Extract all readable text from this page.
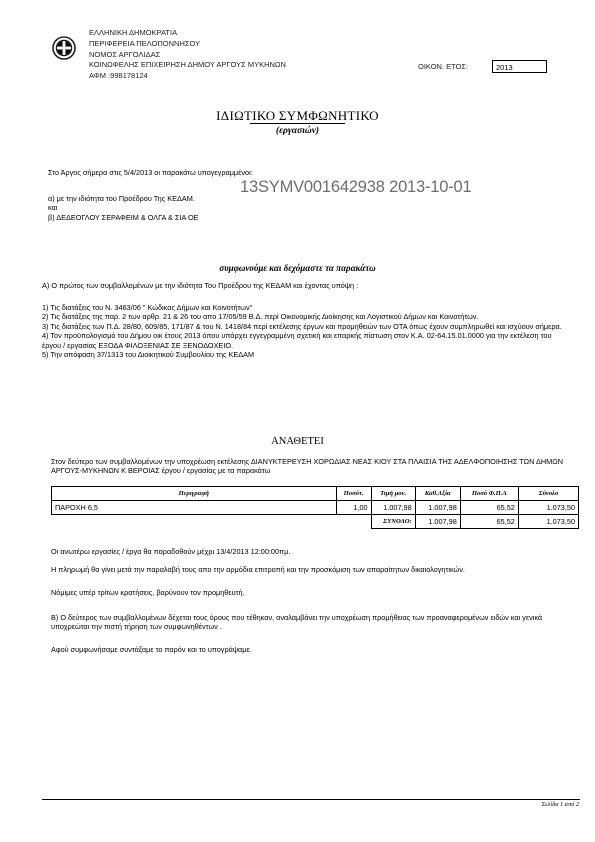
ΕΛΛΗΝΙΚΗ ΔΗΜΟΚΡΑΤΙΑ
ΠΕΡΙΦΕΡΕΙΑ ΠΕΛΟΠΟΝΝΗΣΟΥ
ΝΟΜΟΣ ΑΡΓΟΛΙΔΑΣ
ΚΟΙΝΩΦΕΛΗΣ ΕΠΙΧΕΙΡΗΣΗ ΔΗΜΟΥ ΑΡΓΟΥΣ ΜΥΚΗΝΩΝ
ΑΦΜ :998178124
ΟΙΚΟΝ. ΕΤΟΣ:	2013
ΙΔΙΩΤΙΚΟ ΣΥΜΦΩΝΗΤΙΚΟ
(εργασιών)
Στο Άργος σήμερα στις 5/4/2013 οι παρακάτω υπογεγραμμένοι:
13SYMV001642938 2013-10-01
α) με την ιδιότητα του Προέδρου Της ΚΕΔΑΜ.
και
β) ΔΕΔΕΟΓΛΟΥ ΣΕΡΑΦΕΙΜ & ΟΛΓΑ & ΣΙΑ ΟΕ
συμφωνούμε και δεχόμαστε τα παρακάτω
Α) Ο πρώτος των συμβαλλομένων με την ιδιότητα Του Προέδρου της ΚΕΔΑΜ και έχοντας υπόψη :
1) Τις διατάξεις του Ν. 3463/06 " Κώδικας Δήμων και Κοινοτήτων"
2) Τις διατάξεις της παρ. 2 των αρθρ. 21 & 26 του απο 17/05/59 Β.Δ. περί Οικονομικής Διοίκησης και Λογιστικού Δήμων και Κοινοτήτων.
3) Τις διατάξεις των Π.Δ. 28/80, 609/85, 171/87 & του Ν. 1418/84 περί εκτέλεσης έργων και προμηθειών των ΟΤΑ όπως έχουν συμπληρωθεί και ισχύουν σήμερα.
4) Τον προϋπολογισμό του Δήμου οικ έτους 2013 όπου υπάρχει εγγεγραμμένη σχετική και επαρκής πίστωση στον Κ.Α. 02-64.15.01.0000 για την εκτέλεση του έργου / εργασίας ΕΞΟΔΑ ΦΙΛΟΞΕΝΙΑΣ ΣΕ ΞΕΝΟΔΟΧΕΙΟ.
5) Την απόφαση 37/1313 του Διοικητικού Συμβουλίου της ΚΕΔΑΜ
ΑΝΑΘΕΤΕΙ
Στον δεύτερο των συμβαλλομένων την υποχρέωση εκτέλεσης ΔΙΑΝΥΚΤΕΡΕΥΣΗ ΧΟΡΩΔΙΑΣ ΝΕΑΣ ΚΙΟΥ ΣΤΑ ΠΛΑΙΣΙΑ ΤΗΣ ΑΔΕΛΦΟΠΟΙΗΣΗΣ ΤΩΝ ΔΗΜΩΝ ΑΡΓΟΥΣ-ΜΥΚΗΝΩΝ Κ ΒΕΡΟΙΑΣ έργου / εργασίας με τα παρακάτω
Περιγραφή	Ποσότ.	Τιμή μον.	Καθ.Αξία	Ποσό Φ.Π.Α	Σύνολο
ΠΑΡΟΧΗ 6,5	1,00	1.007,98	1.007,98	65,52	1.073,50
		ΣΥΝΟΛΟ:	1.007,98	65,52	1.073,50
Οι ανωτέρω εργασίες / έργα θα παραδοθούν μέχρι 13/4/2013 12:00:00πμ.
Η πληρωμή θα γίνει μετά την παραλαβή τους απο την αρμόδια επιτροπή και την προσκόμιση των απαραίτητων δικαιολογητικών.
Νόμιμες υπέρ τρίτων κρατήσεις, βαρύνουν τον προμηθευτή.
Β) Ο δεύτερος των συμβαλλομένων δέχεται τους όρους που τέθηκαν, αναλαμβάνει την υποχρέωση προμήθειας των προαναφερομένων ειδών και γενικά υποχρεώται την πιστή τήρηση των συμφωνηθέντων .
Αφού συμφωνήσαμε συντάξαμε το παρόν και το υπογράψαμε.
Σελίδα 1 από 2
